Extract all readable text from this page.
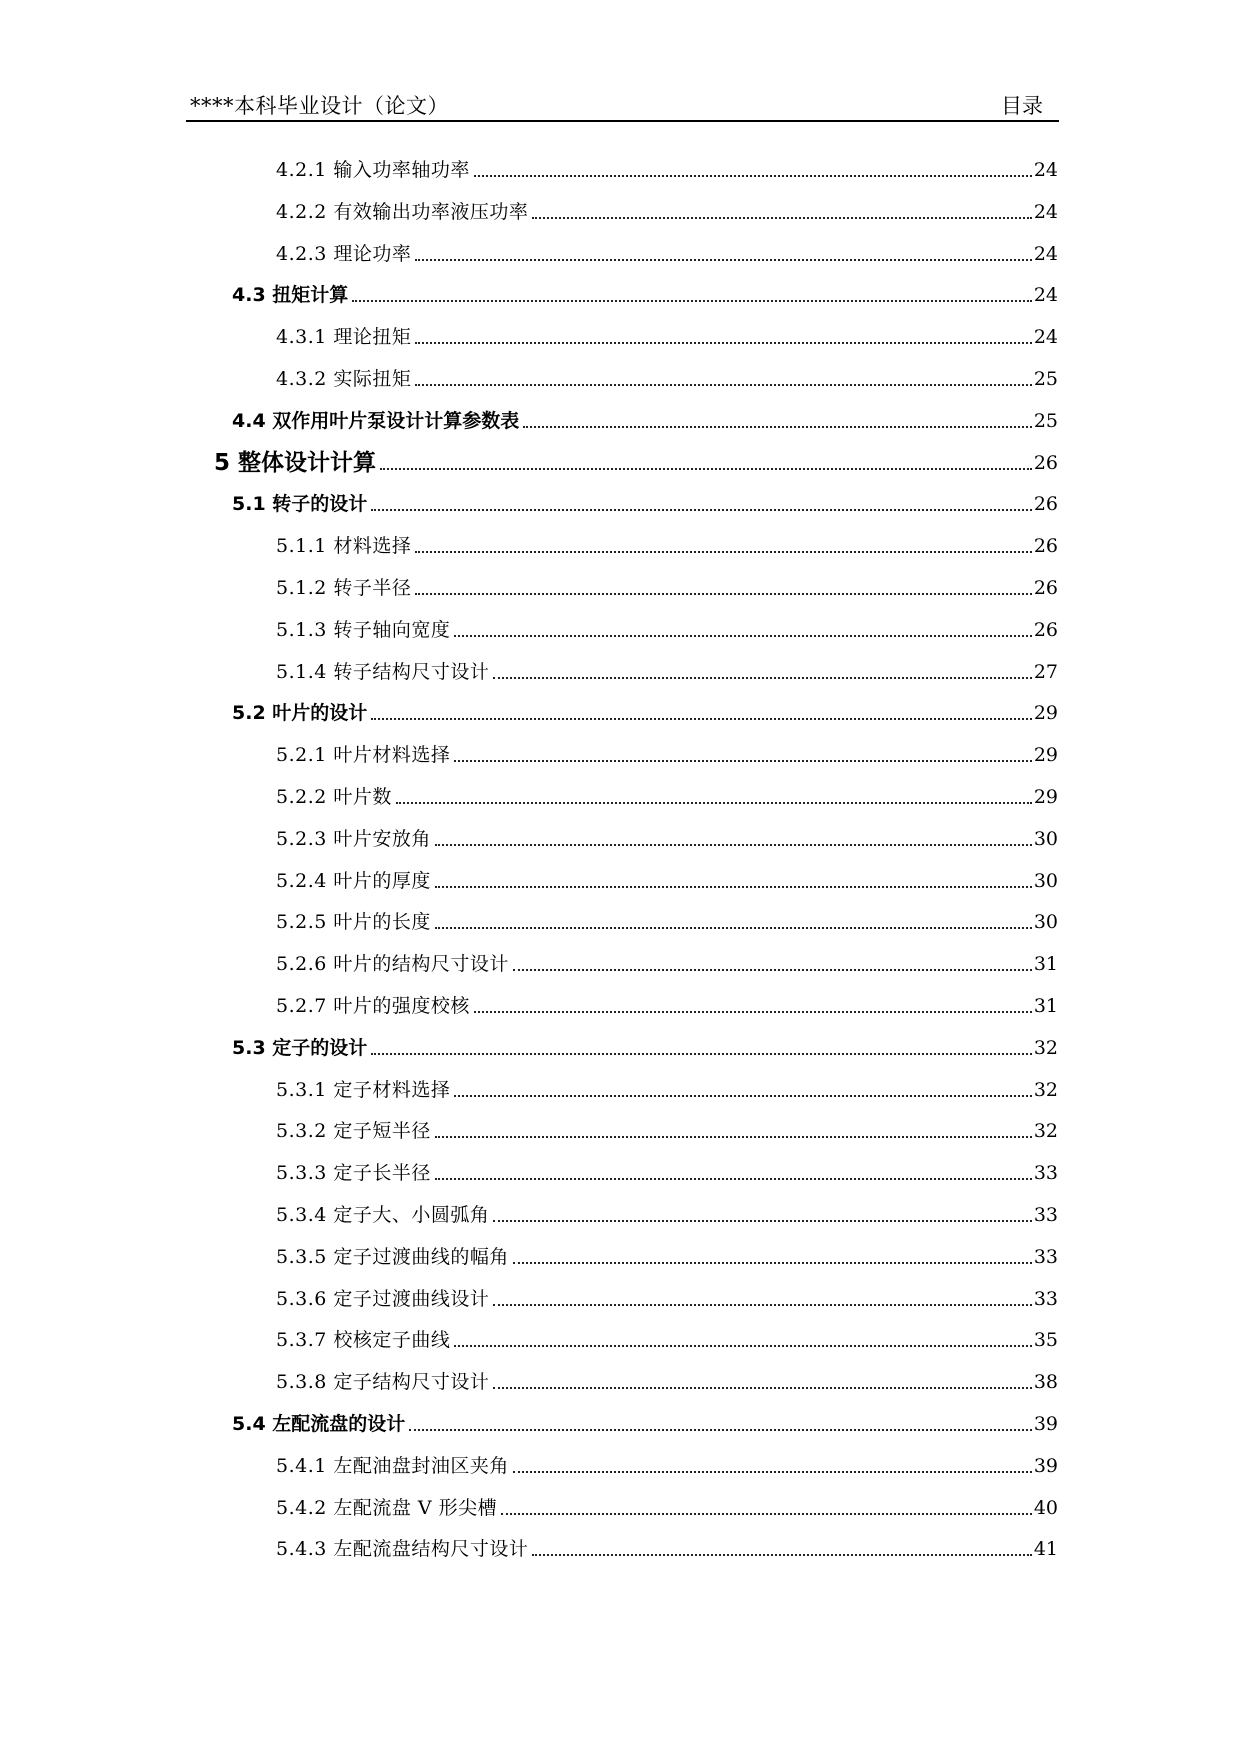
****本科毕业设计（论文）	目录
4.2.1 输入功率轴功率	24
4.2.2 有效输出功率液压功率	24
4.2.3 理论功率	24
4.3 扭矩计算	24
4.3.1 理论扭矩	24
4.3.2 实际扭矩	25
4.4 双作用叶片泵设计计算参数表	25
5 整体设计计算	26
5.1 转子的设计	26
5.1.1 材料选择	26
5.1.2 转子半径	26
5.1.3 转子轴向宽度	26
5.1.4 转子结构尺寸设计	27
5.2 叶片的设计	29
5.2.1 叶片材料选择	29
5.2.2 叶片数	29
5.2.3 叶片安放角	30
5.2.4 叶片的厚度	30
5.2.5 叶片的长度	30
5.2.6 叶片的结构尺寸设计	31
5.2.7 叶片的强度校核	31
5.3 定子的设计	32
5.3.1 定子材料选择	32
5.3.2 定子短半径	32
5.3.3 定子长半径	33
5.3.4 定子大、小圆弧角	33
5.3.5 定子过渡曲线的幅角	33
5.3.6 定子过渡曲线设计	33
5.3.7 校核定子曲线	35
5.3.8 定子结构尺寸设计	38
5.4 左配流盘的设计	39
5.4.1 左配油盘封油区夹角	39
5.4.2 左配流盘 V 形尖槽	40
5.4.3 左配流盘结构尺寸设计	41
